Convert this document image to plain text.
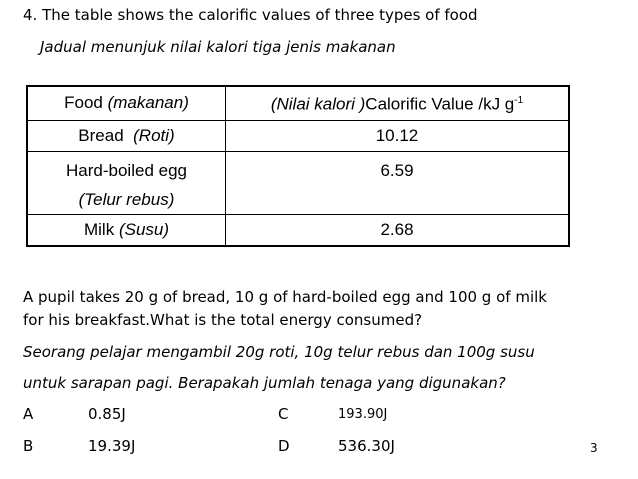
4. The table shows the calorific values of three types of food
Jadual menunjuk nilai kalori tiga jenis makanan
Food (makanan)	(Nilai kalori )Calorific Value /kJ $g^{-1}$
Bread (Roti)	10.12

Hard-boiled egg
(Telur rebus)	6.59
Milk (Susu)	2.68
A pupil takes 20 g of bread, 10 g of hard-boiled egg and 100 g of milk
for his breakfast.What is the total energy consumed?
Seorang pelajar mengambil 20g roti, 10g telur rebus dan 100g susu
untuk sarapan pagi. Berapakah jumlah tenaga yang digunakan?
A	0.85J	C	193.90J
B	19.39J	D	536.30J	3
